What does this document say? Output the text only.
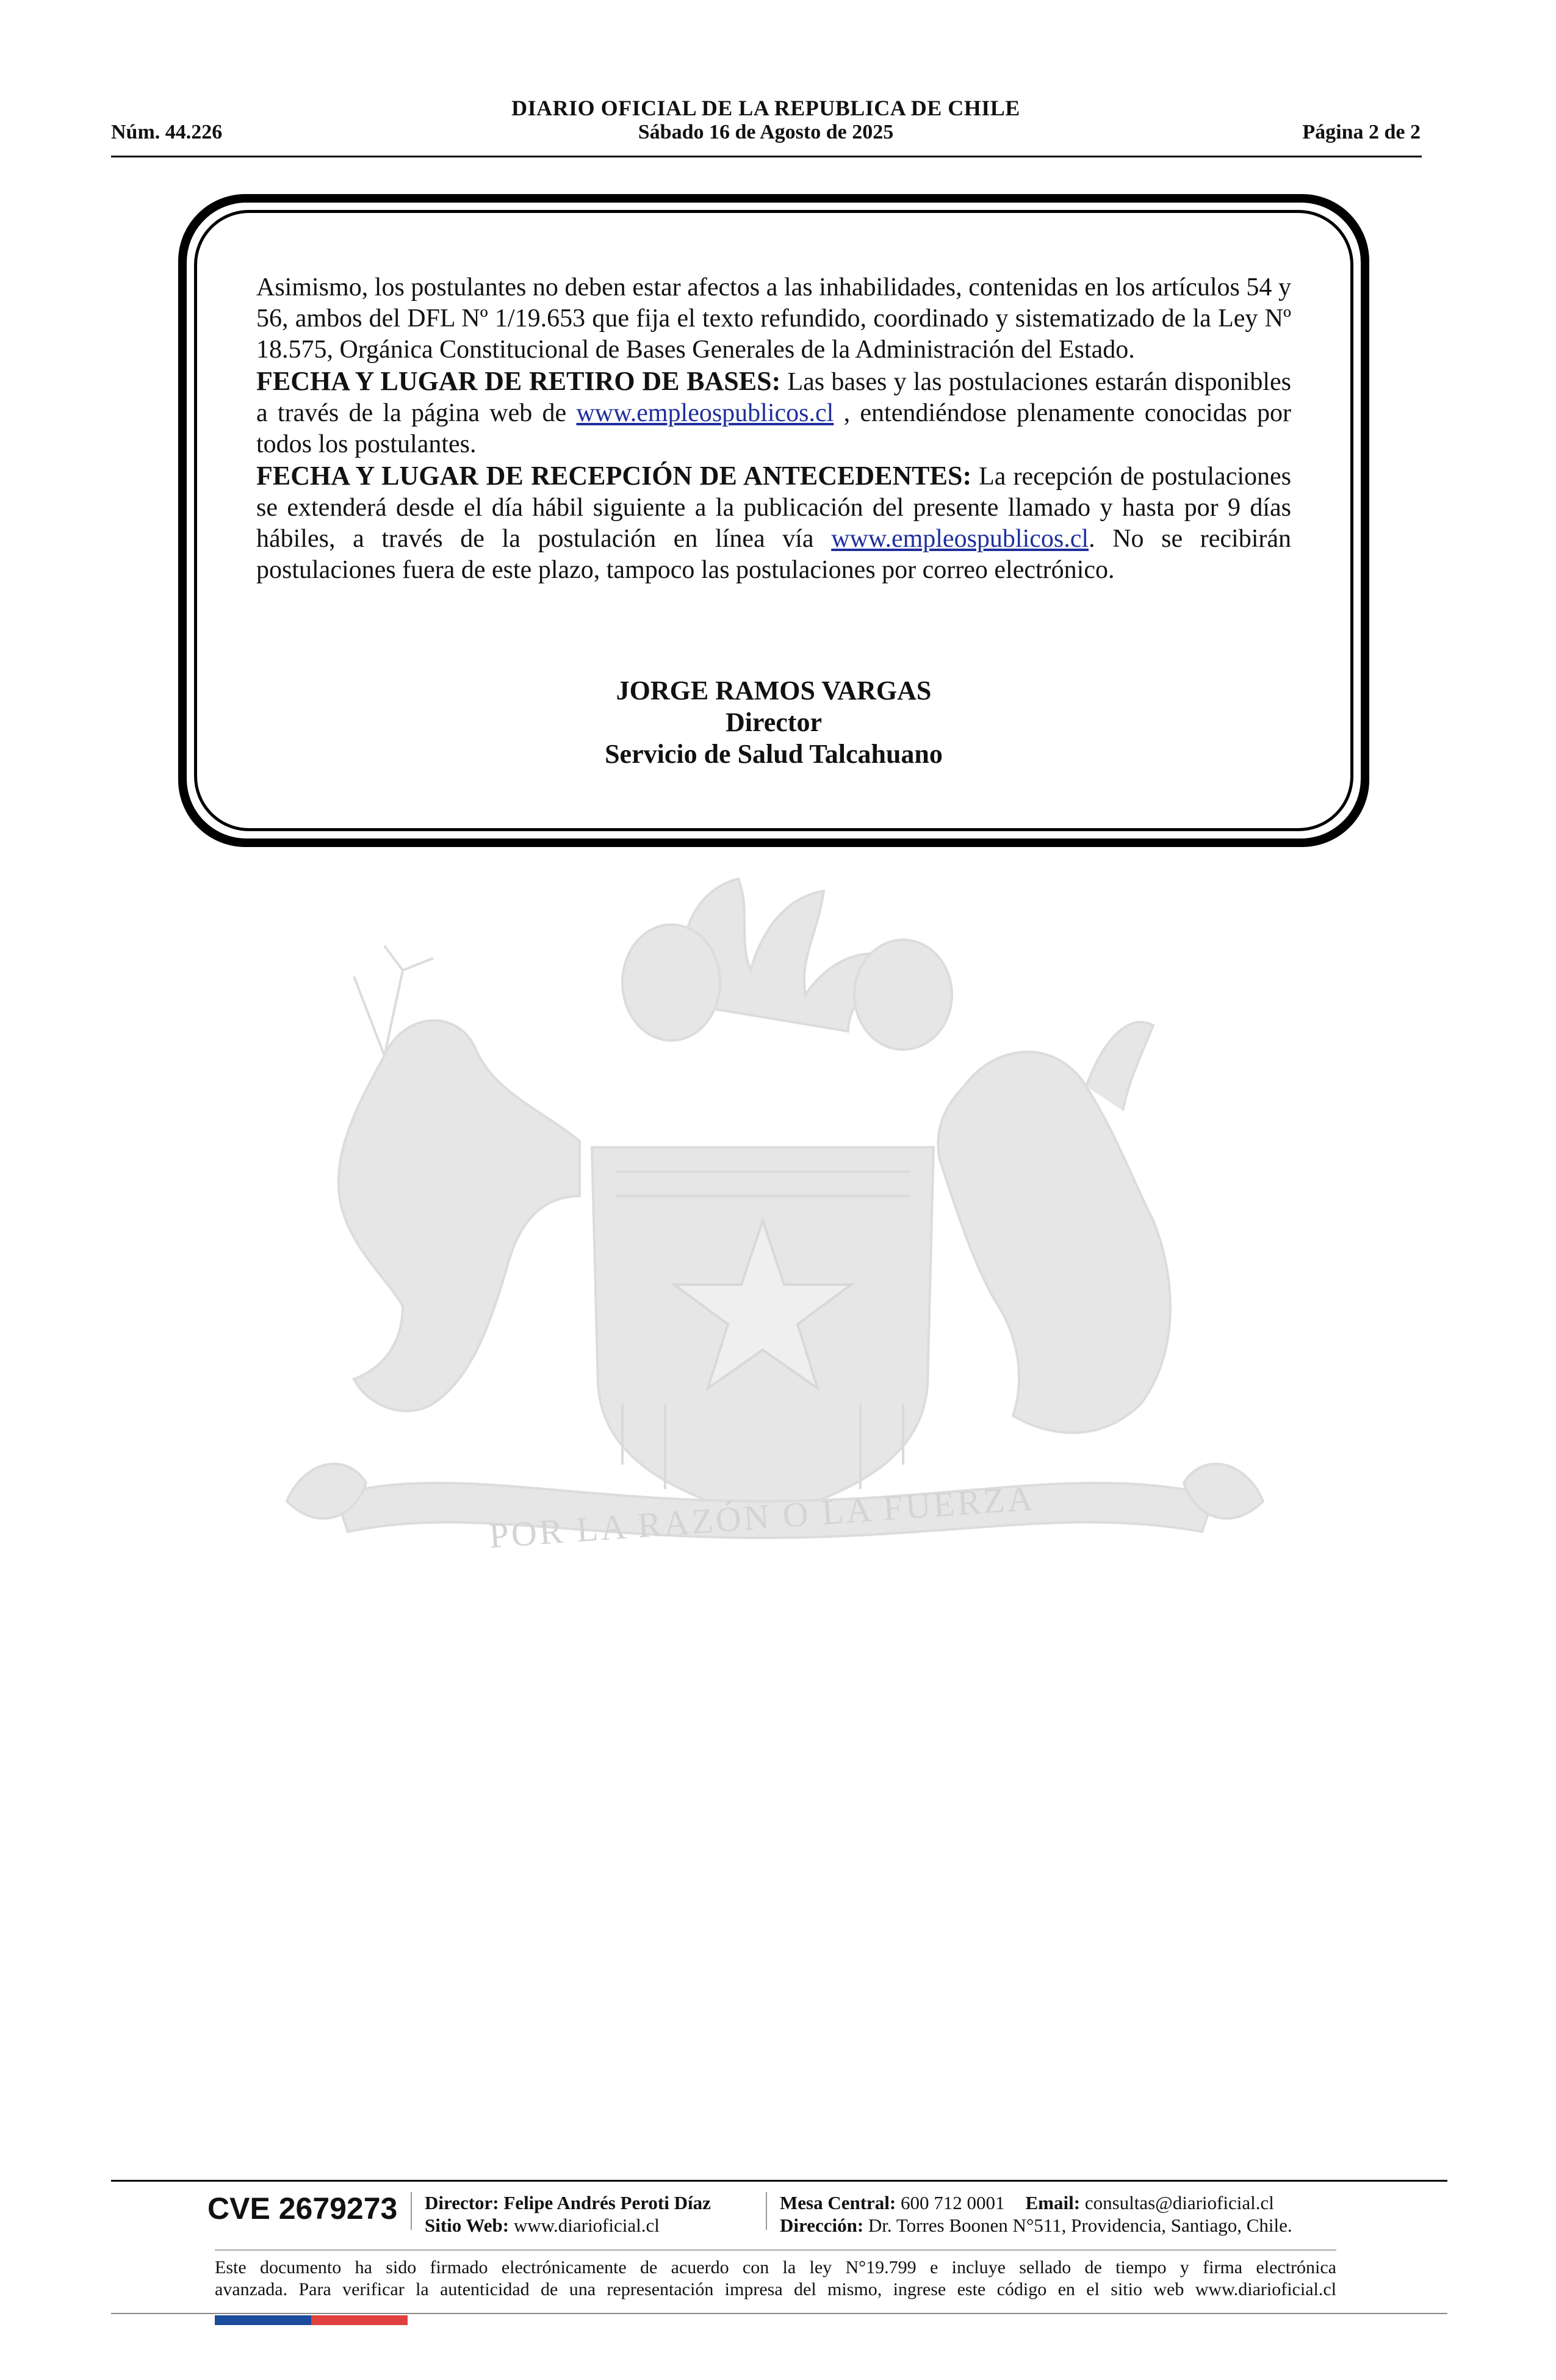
DIARIO OFICIAL DE LA REPUBLICA DE CHILE
Núm. 44.226	Sábado 16 de Agosto de 2025	Página 2 de 2

Asimismo, los postulantes no deben estar afectos a las inhabilidades, contenidas en los artículos 54 y 56, ambos del DFL Nº 1/19.653 que fija el texto refundido, coordinado y sistematizado de la Ley Nº 18.575, Orgánica Constitucional de Bases Generales de la Administración del Estado.

FECHA Y LUGAR DE RETIRO DE BASES: Las bases y las postulaciones estarán disponibles a través de la página web de www.empleospublicos.cl , entendiéndose plenamente conocidas por todos los postulantes.

FECHA Y LUGAR DE RECEPCIÓN DE ANTECEDENTES: La recepción de postulaciones se extenderá desde el día hábil siguiente a la publicación del presente llamado y hasta por 9 días hábiles, a través de la postulación en línea vía www.empleospublicos.cl. No se recibirán postulaciones fuera de este plazo, tampoco las postulaciones por correo electrónico.

JORGE RAMOS VARGAS
Director
Servicio de Salud Talcahuano
POR LA RAZÓN O LA FUERZA
CVE 2679273 Director: Felipe Andrés Peroti Díaz
Sitio Web: www.diarioficial.cl
Mesa Central: 600 712 0001 Email: consultas@diarioficial.cl
Dirección: Dr. Torres Boonen N°511, Providencia, Santiago, Chile.
Este documento ha sido firmado electrónicamente de acuerdo con la ley N°19.799 e incluye sellado de tiempo y firma electrónica
avanzada. Para verificar la autenticidad de una representación impresa del mismo, ingrese este código en el sitio web www.diarioficial.cl
